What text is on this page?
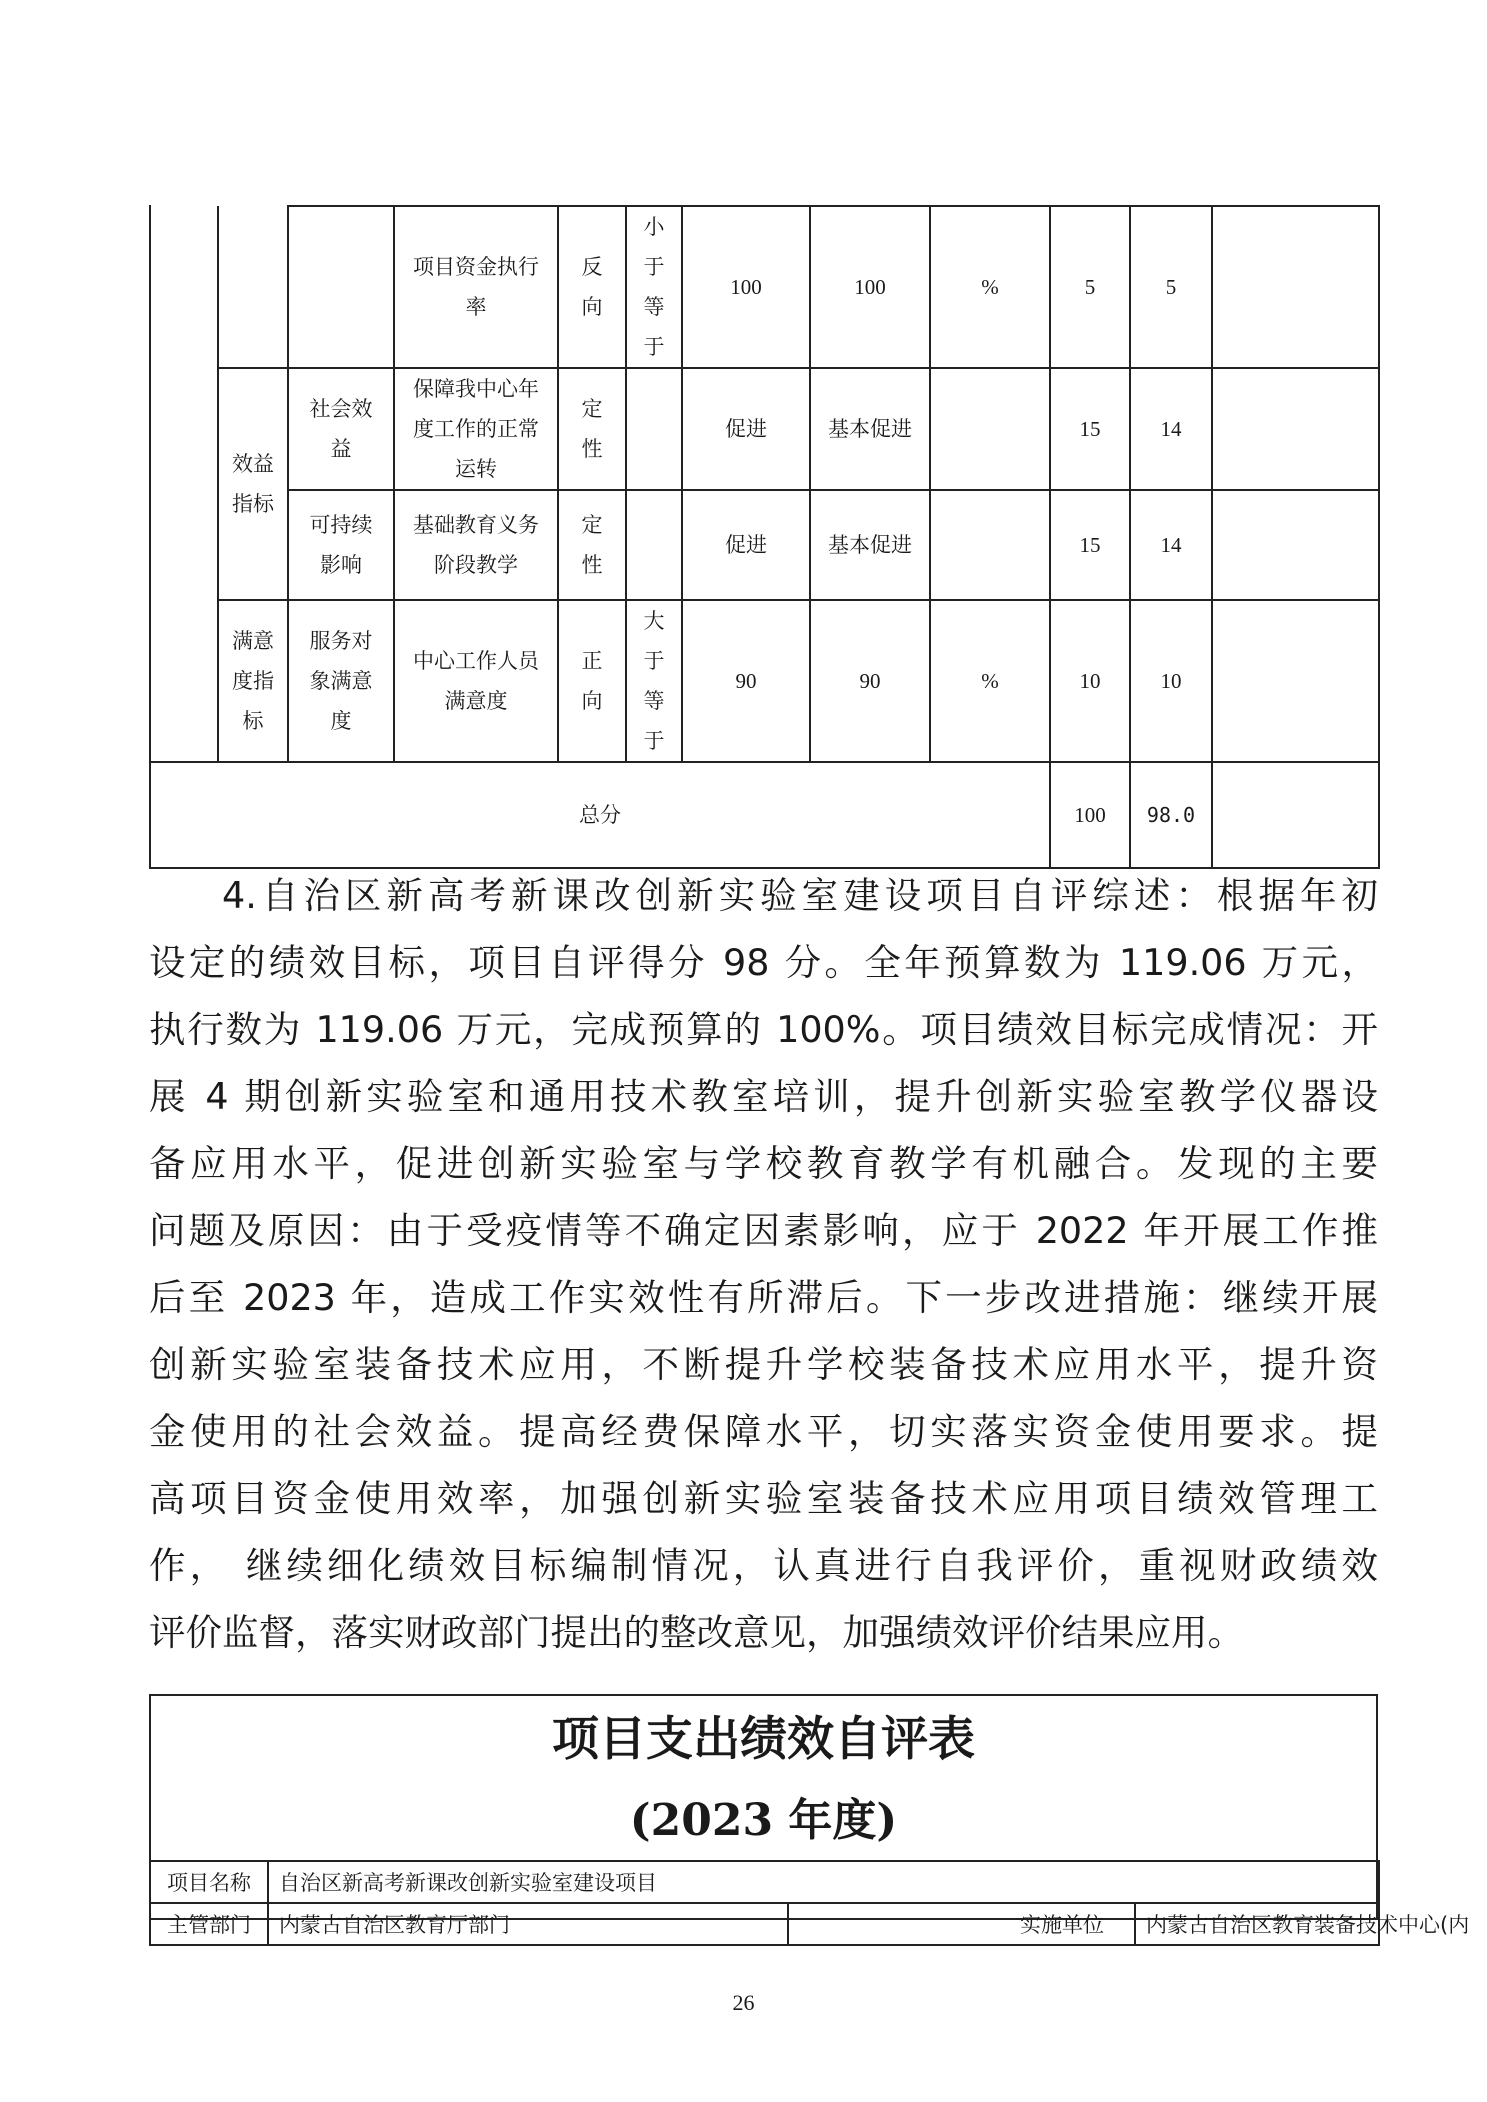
			项目资金执行率	反向	小于等于	100	100	%	5	5	
	效益指标	社会效益	保障我中心年度工作的正常运转	定性		促进	基本促进		15	14	
		可持续影响	基础教育义务阶段教学	定性		促进	基本促进		15	14	
	满意度指标	服务对象满意度	中心工作人员满意度	正向	大于等于	90	90	%	10	10	
总分									100	98.0	
4.自治区新高考新课改创新实验室建设项目自评综述：根据年初
设定的绩效目标，项目自评得分 98 分。全年预算数为 119.06 万元，
执行数为 119.06 万元，完成预算的 100%。项目绩效目标完成情况：开
展 4 期创新实验室和通用技术教室培训，提升创新实验室教学仪器设
备应用水平，促进创新实验室与学校教育教学有机融合。发现的主要
问题及原因：由于受疫情等不确定因素影响，应于 2022 年开展工作推
后至 2023 年，造成工作实效性有所滞后。下一步改进措施：继续开展
创新实验室装备技术应用，不断提升学校装备技术应用水平，提升资
金使用的社会效益。提高经费保障水平，切实落实资金使用要求。提
高项目资金使用效率，加强创新实验室装备技术应用项目绩效管理工
作， 继续细化绩效目标编制情况，认真进行自我评价，重视财政绩效
评价监督，落实财政部门提出的整改意见，加强绩效评价结果应用。
项目支出绩效自评表
(2023 年度)
项目名称	自治区新高考新课改创新实验室建设项目		
主管部门	内蒙古自治区教育厅部门	实施单位	内蒙古自治区教育装备技术中心(内
26
